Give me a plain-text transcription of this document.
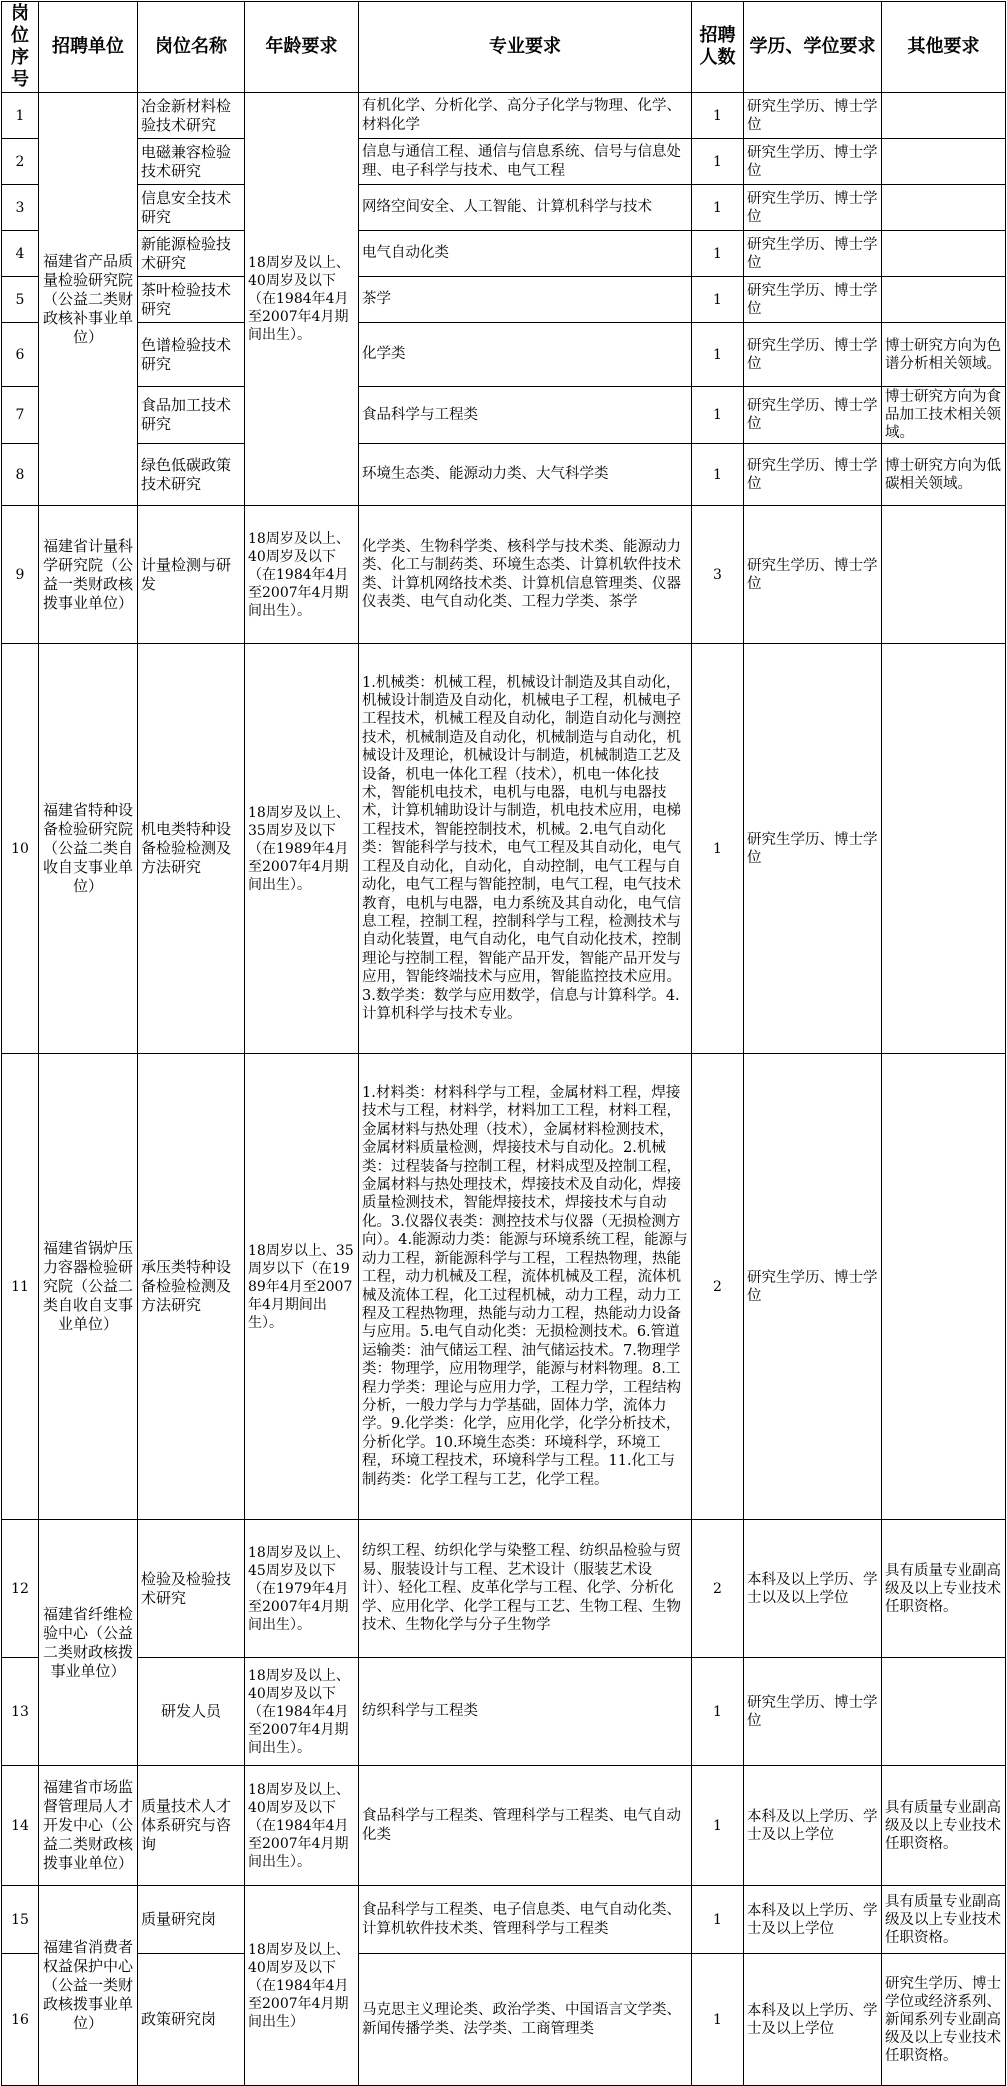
岗位序号	招聘单位	岗位名称	年龄要求	专业要求	招聘人数	学历、学位要求	其他要求
1	福建省产品质量检验研究院（公益二类财政核补事业单位）	冶金新材料检验技术研究	18周岁及以上、40周岁及以下（在1984年4月至2007年4月期间出生）。	有机化学、分析化学、高分子化学与物理、化学、材料化学	1	研究生学历、博士学位	
2		电磁兼容检验技术研究		信息与通信工程、通信与信息系统、信号与信息处理、电子科学与技术、电气工程	1	研究生学历、博士学位	
3		信息安全技术研究		网络空间安全、人工智能、计算机科学与技术	1	研究生学历、博士学位	
4		新能源检验技术研究		电气自动化类	1	研究生学历、博士学位	
5		茶叶检验技术研究		茶学	1	研究生学历、博士学位	
6		色谱检验技术研究		化学类	1	研究生学历、博士学位	博士研究方向为色谱分析相关领域。
7		食品加工技术研究		食品科学与工程类	1	研究生学历、博士学位	博士研究方向为食品加工技术相关领域。
8		绿色低碳政策技术研究		环境生态类、能源动力类、大气科学类	1	研究生学历、博士学位	博士研究方向为低碳相关领域。
9	福建省计量科学研究院（公益一类财政核拨事业单位）	计量检测与研发	18周岁及以上、40周岁及以下（在1984年4月至2007年4月期间出生）。	化学类、生物科学类、核科学与技术类、能源动力类、化工与制药类、环境生态类、计算机软件技术类、计算机网络技术类、计算机信息管理类、仪器仪表类、电气自动化类、工程力学类、茶学	3	研究生学历、博士学位	
10	福建省特种设备检验研究院（公益二类自收自支事业单位）	机电类特种设备检验检测及方法研究	18周岁及以上、35周岁及以下（在1989年4月至2007年4月期间出生）。	1.机械类：机械工程，机械设计制造及其自动化，机械设计制造及自动化，机械电子工程，机械电子工程技术，机械工程及自动化，制造自动化与测控技术，机械制造及自动化，机械制造与自动化，机械设计及理论，机械设计与制造，机械制造工艺及设备，机电一体化工程（技术），机电一体化技术，智能机电技术，电机与电器，电机与电器技术，计算机辅助设计与制造，机电技术应用，电梯工程技术，智能控制技术，机械。2.电气自动化类：智能科学与技术，电气工程及其自动化，电气工程及自动化，自动化，自动控制，电气工程与自动化，电气工程与智能控制，电气工程，电气技术教育，电机与电器，电力系统及其自动化，电气信息工程，控制工程，控制科学与工程，检测技术与自动化装置，电气自动化，电气自动化技术，控制理论与控制工程，智能产品开发，智能产品开发与应用，智能终端技术与应用，智能监控技术应用。3.数学类：数学与应用数学，信息与计算科学。4.计算机科学与技术专业。	1	研究生学历、博士学位	
11	福建省锅炉压力容器检验研究院（公益二类自收自支事业单位）	承压类特种设备检验检测及方法研究	18周岁以上、35周岁以下（在1989年4月至2007年4月期间出生）。	1.材料类：材料科学与工程，金属材料工程，焊接技术与工程，材料学，材料加工工程，材料工程，金属材料与热处理（技术），金属材料检测技术，金属材料质量检测，焊接技术与自动化。2.机械类：过程装备与控制工程，材料成型及控制工程，金属材料与热处理技术，焊接技术及自动化，焊接质量检测技术，智能焊接技术，焊接技术与自动化。3.仪器仪表类：测控技术与仪器（无损检测方向）。4.能源动力类：能源与环境系统工程，能源与动力工程，新能源科学与工程，工程热物理，热能工程，动力机械及工程，流体机械及工程，流体机械及流体工程，化工过程机械，动力工程，动力工程及工程热物理，热能与动力工程，热能动力设备与应用。5.电气自动化类：无损检测技术。6.管道运输类：油气储运工程、油气储运技术。7.物理学类：物理学，应用物理学，能源与材料物理。8.工程力学类：理论与应用力学，工程力学，工程结构分析，一般力学与力学基础，固体力学，流体力学。9.化学类：化学，应用化学，化学分析技术，分析化学。10.环境生态类：环境科学，环境工程，环境工程技术，环境科学与工程。11.化工与制药类：化学工程与工艺，化学工程。	2	研究生学历、博士学位	
12	福建省纤维检验中心（公益二类财政核拨事业单位）	检验及检验技术研究	18周岁及以上、45周岁及以下（在1979年4月至2007年4月期间出生）。	纺织工程、纺织化学与染整工程、纺织品检验与贸易、服装设计与工程、艺术设计（服装艺术设计）、轻化工程、皮革化学与工程、化学、分析化学、应用化学、化学工程与工艺、生物工程、生物技术、生物化学与分子生物学	2	本科及以上学历、学士以及以上学位	具有质量专业副高级及以上专业技术任职资格。
13		研发人员	18周岁及以上、40周岁及以下（在1984年4月至2007年4月期间出生）。	纺织科学与工程类	1	研究生学历、博士学位	
14	福建省市场监督管理局人才开发中心（公益二类财政核拨事业单位）	质量技术人才体系研究与咨询	18周岁及以上、40周岁及以下（在1984年4月至2007年4月期间出生）。	食品科学与工程类、管理科学与工程类、电气自动化类	1	本科及以上学历、学士及以上学位	具有质量专业副高级及以上专业技术任职资格。
15	福建省消费者权益保护中心（公益一类财政核拨事业单位）	质量研究岗	18周岁及以上、40周岁及以下（在1984年4月至2007年4月期间出生）	食品科学与工程类、电子信息类、电气自动化类、计算机软件技术类、管理科学与工程类	1	本科及以上学历、学士及以上学位	具有质量专业副高级及以上专业技术任职资格。
16		政策研究岗		马克思主义理论类、政治学类、中国语言文学类、新闻传播学类、法学类、工商管理类	1	本科及以上学历、学士及以上学位	研究生学历、博士学位或经济系列、新闻系列专业副高级及以上专业技术任职资格。
